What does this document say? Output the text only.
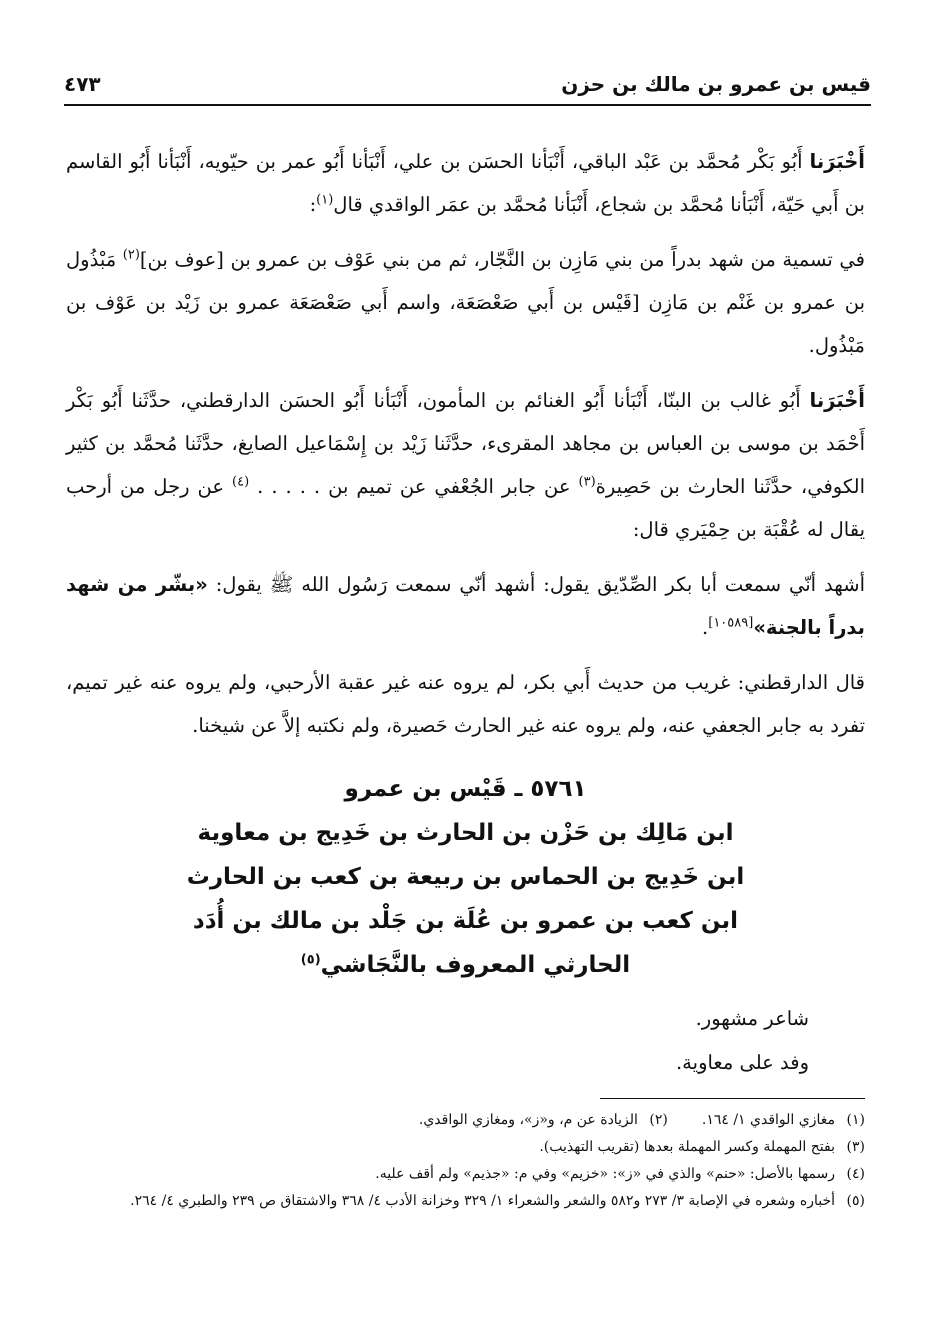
قيس بن عمرو بن مالك بن حزن
٤٧٣

أَخْبَرَنا أَبُو بَكْر مُحمَّد بن عَبْد الباقي، أَنْبَأنا الحسَن بن علي، أَنْبَأنا أَبُو عمر بن حيّويه، أَنْبَأنا أَبُو القاسم بن أَبي حَيّة، أَنْبَأنا مُحمَّد بن شجاع، أَنْبَأنا مُحمَّد بن عمَر الواقدي قال$^{(١)}$:

في تسمية من شهد بدراً من بني مَازِن بن النَّجّار، ثم من بني عَوْف بن عمرو بن [عوف بن]$^{(٢)}$ مَبْذُول بن عمرو بن غَنْم بن مَازِن [قَيْس بن أَبي صَعْصَعَة، واسم أَبي صَعْصَعَة عمرو بن زَيْد بن عَوْف بن مَبْذُول.

أَخْبَرَنا أَبُو غالب بن البنّا، أَنْبَأنا أَبُو الغنائم بن المأمون، أَنْبَأنا أَبُو الحسَن الدارقطني، حدَّثَنا أَبُو بَكْر أَحْمَد بن موسى بن العباس بن مجاهد المقرىء، حدَّثَنا زَيْد بن إِسْمَاعيل الصايغ، حدَّثَنا مُحمَّد بن كثير الكوفي، حدَّثَنا الحارث بن حَصِيرة$^{(٣)}$ عن جابر الجُعْفي عن تميم بن . . . . . $^{(٤)}$ عن رجل من أرحب يقال له عُقْبَة بن حِمْيَري قال:

أشهد أنّي سمعت أبا بكر الصِّدّيق يقول: أشهد أنّي سمعت رَسُول الله ﷺ يقول: «بشّر من شهد بدراً بالجنة»[١٠٥٨٩].

قال الدارقطني: غريب من حديث أَبي بكر، لم يروه عنه غير عقبة الأرحبي، ولم يروه عنه غير تميم، تفرد به جابر الجعفي عنه، ولم يروه عنه غير الحارث حَصيرة، ولم نكتبه إلاَّ عن شيخنا.

٥٧٦١ ـ قَيْس بن عمرو
ابن مَالِك بن حَزْن بن الحارث بن خَدِيج بن معاوية
ابن خَدِيج بن الحماس بن ربيعة بن كعب بن الحارث
ابن كعب بن عمرو بن عُلَة بن جَلْد بن مالك بن أُدَد
الحارثي المعروف بالنَّجَاشي$^{(٥)}$
شاعر مشهور.
وفد على معاوية.
(١)مغازي الواقدي ١/ ١٦٤.
(٢)الزيادة عن م، و«ز»، ومغازي الواقدي.
(٣)بفتح المهملة وكسر المهملة بعدها (تقريب التهذيب).
(٤)رسمها بالأصل: «حنم» والذي في «ز»: «خزيم» وفي م: «جذيم» ولم أقف عليه.
(٥)أخباره وشعره في الإصابة ٣/ ٢٧٣ و٥٨٢ والشعر والشعراء ١/ ٣٢٩ وخزانة الأدب ٤/ ٣٦٨ والاشتقاق ص ٢٣٩ والطبري ٤/ ٢٦٤.
